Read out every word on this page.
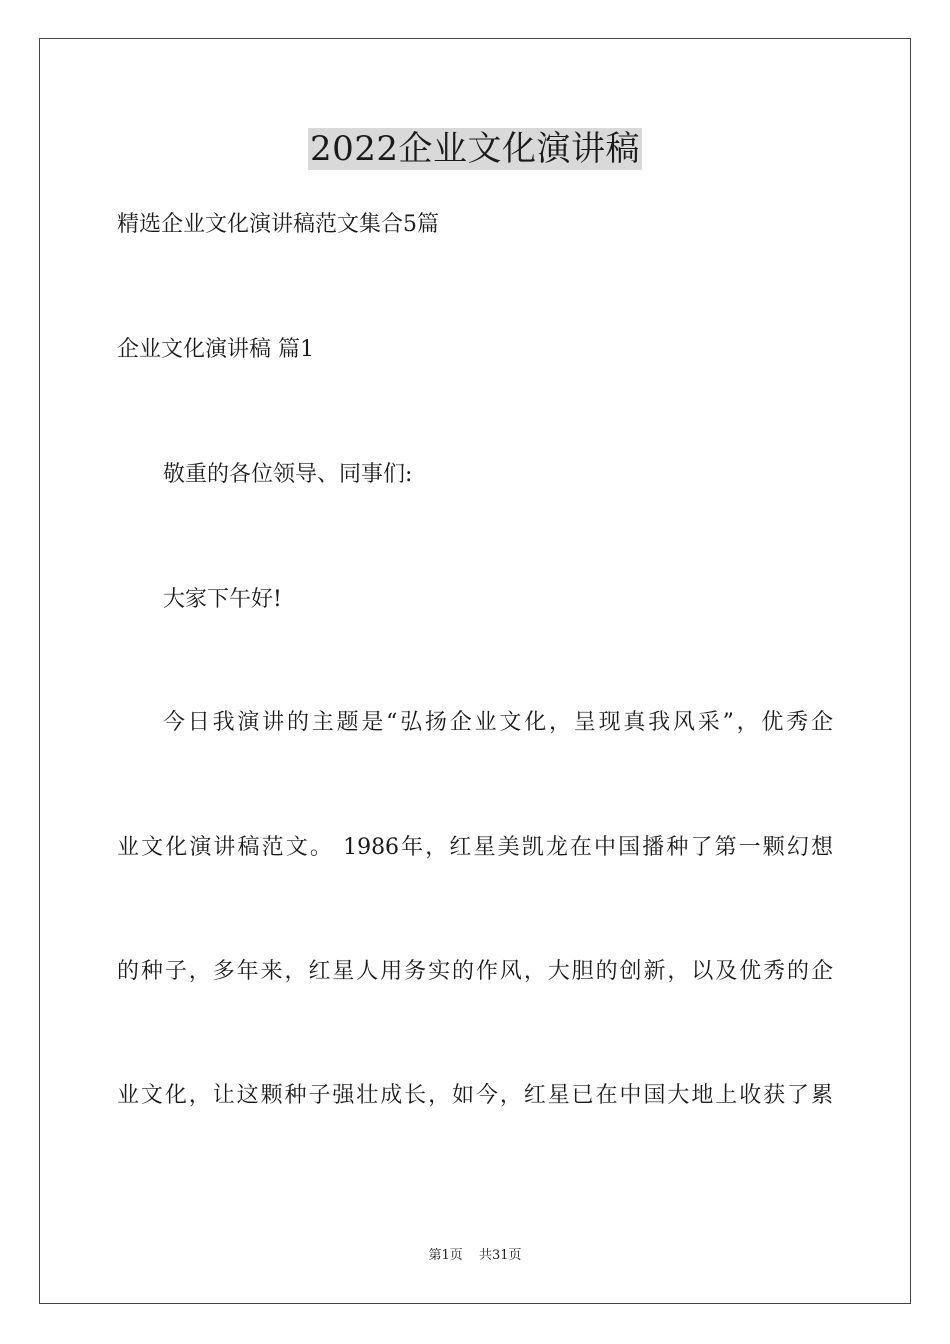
2022企业文化演讲稿
精选企业文化演讲稿范文集合5篇
企业文化演讲稿 篇1
敬重的各位领导、同事们:
大家下午好!
今日我演讲的主题是“弘扬企业文化，呈现真我风采”，优秀企
业文化演讲稿范文。 1986年，红星美凯龙在中国播种了第一颗幻想
的种子，多年来，红星人用务实的作风，大胆的创新，以及优秀的企
业文化，让这颗种子强壮成长，如今，红星已在中国大地上收获了累
第1页 共31页
